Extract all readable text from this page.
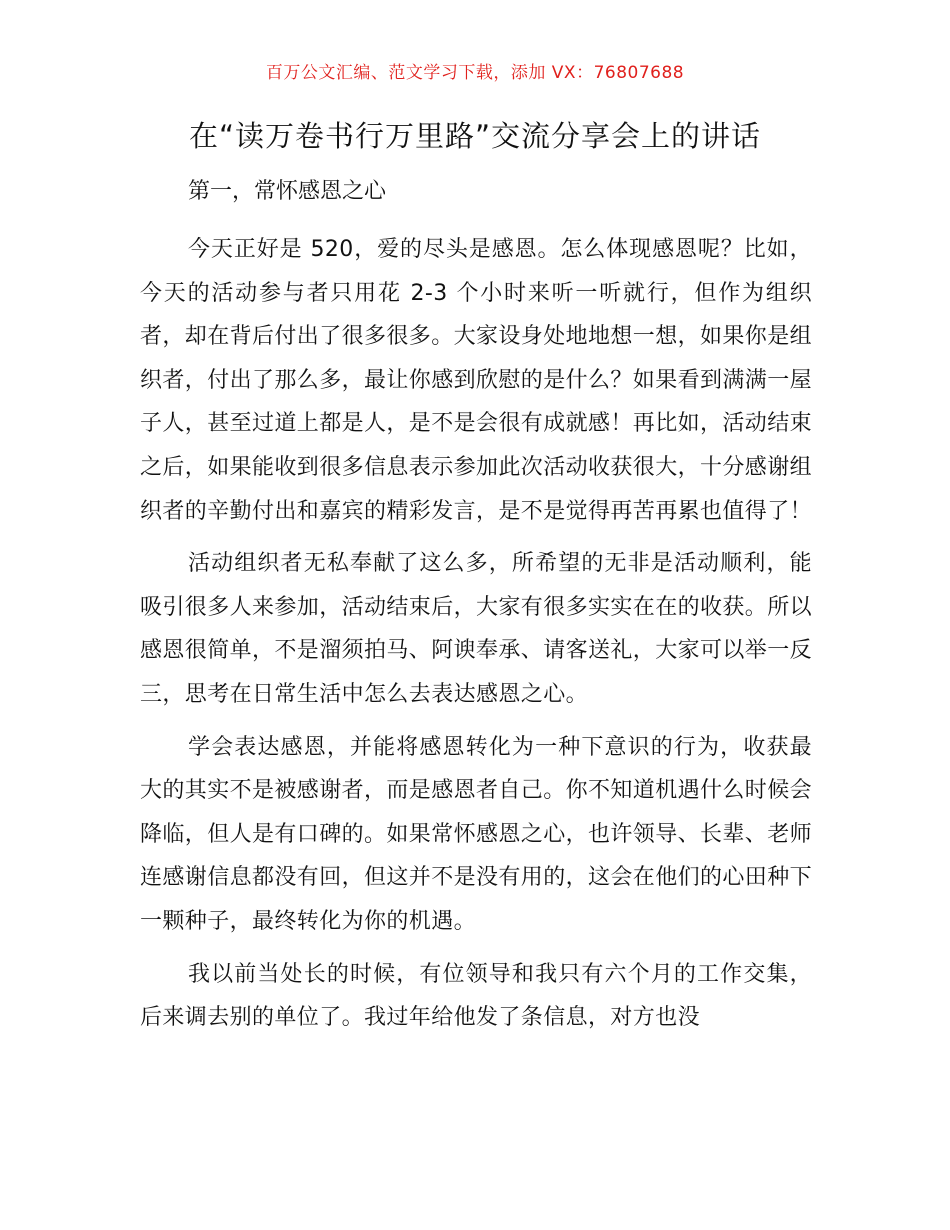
百万公文汇编、范文学习下载，添加 VX：76807688
在“读万卷书行万里路”交流分享会上的讲话

第一，常怀感恩之心

今天正好是 520，爱的尽头是感恩。怎么体现感恩呢？比如，今天的活动参与者只用花 2-3 个小时来听一听就行，但作为组织者，却在背后付出了很多很多。大家设身处地地想一想，如果你是组织者，付出了那么多，最让你感到欣慰的是什么？如果看到满满一屋子人，甚至过道上都是人，是不是会很有成就感！再比如，活动结束之后，如果能收到很多信息表示参加此次活动收获很大，十分感谢组织者的辛勤付出和嘉宾的精彩发言，是不是觉得再苦再累也值得了！

活动组织者无私奉献了这么多，所希望的无非是活动顺利，能吸引很多人来参加，活动结束后，大家有很多实实在在的收获。所以感恩很简单，不是溜须拍马、阿谀奉承、请客送礼，大家可以举一反三，思考在日常生活中怎么去表达感恩之心。

学会表达感恩，并能将感恩转化为一种下意识的行为，收获最大的其实不是被感谢者，而是感恩者自己。你不知道机遇什么时候会降临，但人是有口碑的。如果常怀感恩之心，也许领导、长辈、老师连感谢信息都没有回，但这并不是没有用的，这会在他们的心田种下一颗种子，最终转化为你的机遇。

我以前当处长的时候，有位领导和我只有六个月的工作交集，后来调去别的单位了。我过年给他发了条信息，对方也没
